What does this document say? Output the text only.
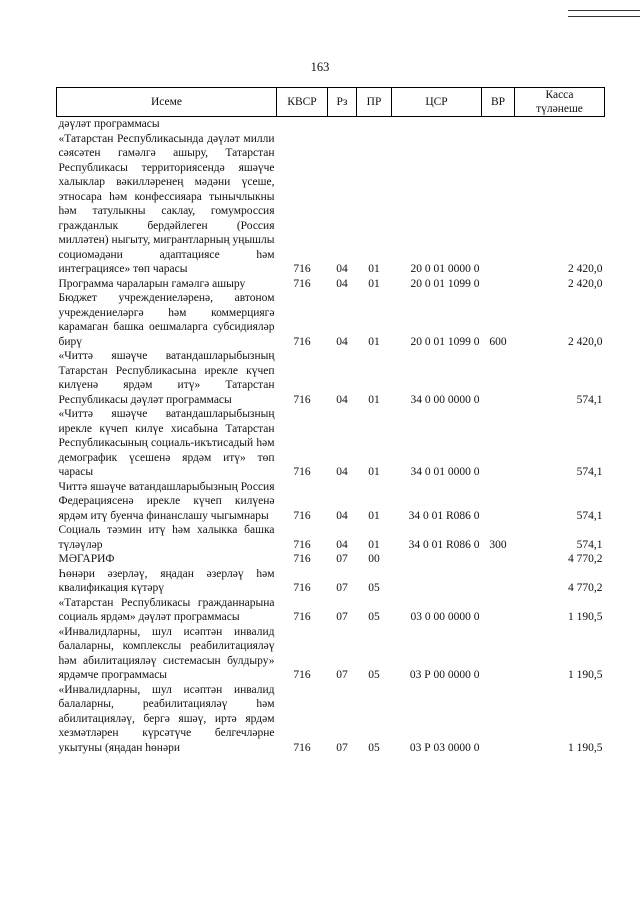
163
Исеме	КВСР	Рз	ПР	ЦСР	ВР	Касса
түләнеше
дәүләт программасы						
«Татарстан Республикасында дәүләт милли сәясәтен гамәлгә ашыру, Татарстан Республикасы территориясендә яшәүче халыклар вәкилләренең мәдәни үсеше, этносара һәм конфессияара тынычлыкны һәм татулыкны саклау, гомумроссия гражданлык бердәйлеген (Россия милләтен) ныгыту, мигрантларның уңышлы социомәдәни адаптациясе һәм интеграциясе» төп чарасы	716	04	01	20 0 01 0000 0		2 420,0
Программа чараларын гамәлгә ашыру	716	04	01	20 0 01 1099 0		2 420,0
Бюджет учреждениеләренә, автоном учреждениеләргә һәм коммерциягә карамаган башка оешмаларга субсидияләр бирү	716	04	01	20 0 01 1099 0	600	2 420,0
«Читтә яшәүче ватандашларыбызның Татарстан Республикасына ирекле күчеп килүенә ярдәм итү» Татарстан Республикасы дәүләт программасы	716	04	01	34 0 00 0000 0		574,1
«Читтә яшәүче ватандашларыбызның ирекле күчеп килүе хисабына Татарстан Республикасының социаль-икътисадый һәм демографик үсешенә ярдәм итү» төп чарасы	716	04	01	34 0 01 0000 0		574,1
Читтә яшәүче ватандашларыбызның Россия Федерациясенә ирекле күчеп килүенә ярдәм итү буенча финанслашу чыгымнары	716	04	01	34 0 01 R086 0		574,1
Социаль тәэмин итү һәм халыкка башка түләүләр	716	04	01	34 0 01 R086 0	300	574,1
МӘГАРИФ	716	07	00			4 770,2
Һөнәри әзерләү, яңадан әзерләү һәм квалификация күтәрү	716	07	05			4 770,2
«Татарстан Республикасы гражданнарына социаль ярдәм» дәүләт программасы	716	07	05	03 0 00 0000 0		1 190,5
«Инвалидларны, шул исәптән инвалид балаларны, комплекслы реабилитацияләү һәм абилитацияләү системасын булдыру» ярдәмче программасы	716	07	05	03 Р 00 0000 0		1 190,5
«Инвалидларны, шул исәптән инвалид балаларны, реабилитацияләү һәм абилитацияләү, бергә яшәү, иртә ярдәм хезмәтләрен күрсәтүче белгечләрне укытуны (яңадан һөнәри	716	07	05	03 Р 03 0000 0		1 190,5
